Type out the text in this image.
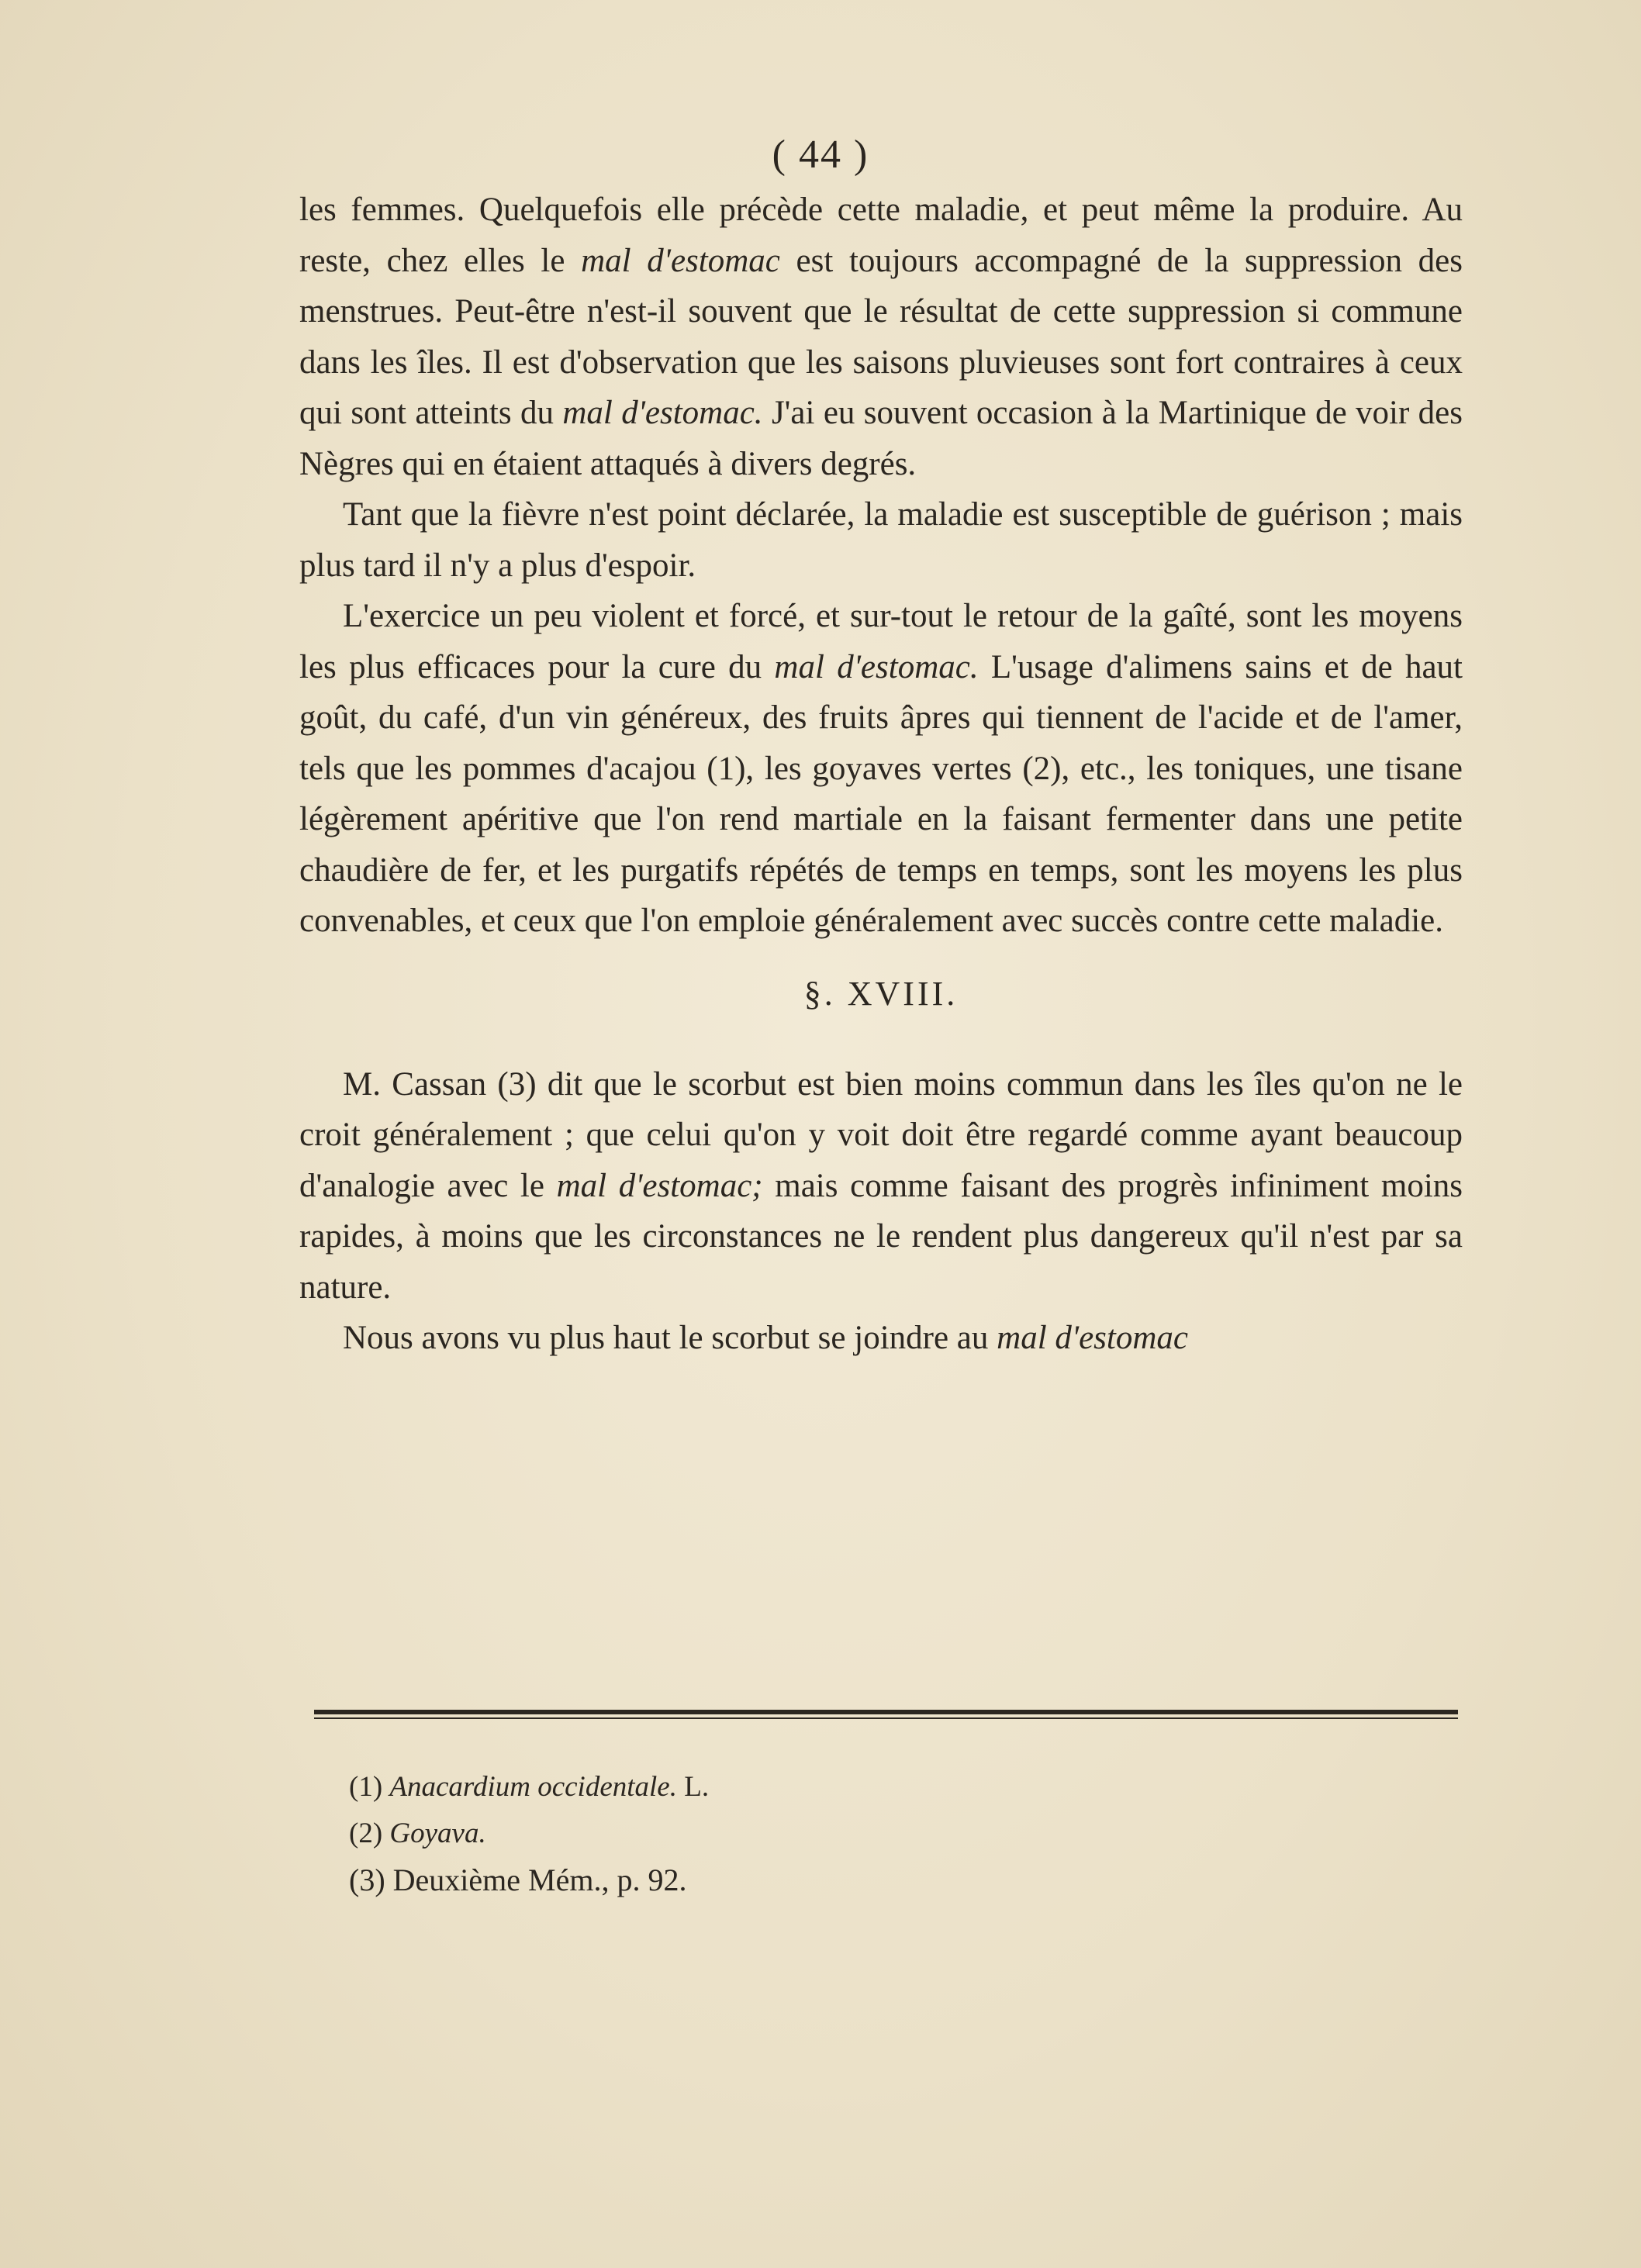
( 44 )

les femmes. Quelquefois elle précède cette maladie, et peut même la produire. Au reste, chez elles le mal d'estomac est toujours accompagné de la suppression des menstrues. Peut-être n'est-il souvent que le résultat de cette suppression si commune dans les îles. Il est d'observation que les saisons pluvieuses sont fort contraires à ceux qui sont atteints du mal d'estomac. J'ai eu souvent occasion à la Martinique de voir des Nègres qui en étaient attaqués à divers degrés.

Tant que la fièvre n'est point déclarée, la maladie est susceptible de guérison ; mais plus tard il n'y a plus d'espoir.

L'exercice un peu violent et forcé, et sur-tout le retour de la gaîté, sont les moyens les plus efficaces pour la cure du mal d'estomac. L'usage d'alimens sains et de haut goût, du café, d'un vin généreux, des fruits âpres qui tiennent de l'acide et de l'amer, tels que les pommes d'acajou (1), les goyaves vertes (2), etc., les toniques, une tisane légèrement apéritive que l'on rend martiale en la faisant fermenter dans une petite chaudière de fer, et les purgatifs répétés de temps en temps, sont les moyens les plus convenables, et ceux que l'on emploie généralement avec succès contre cette maladie.

§. XVIII.

M. Cassan (3) dit que le scorbut est bien moins commun dans les îles qu'on ne le croit généralement ; que celui qu'on y voit doit être regardé comme ayant beaucoup d'analogie avec le mal d'estomac; mais comme faisant des progrès infiniment moins rapides, à moins que les circonstances ne le rendent plus dangereux qu'il n'est par sa nature.

Nous avons vu plus haut le scorbut se joindre au mal d'estomac

(1) Anacardium occidentale. L.

(2) Goyava.

(3) Deuxième Mém., p. 92.
